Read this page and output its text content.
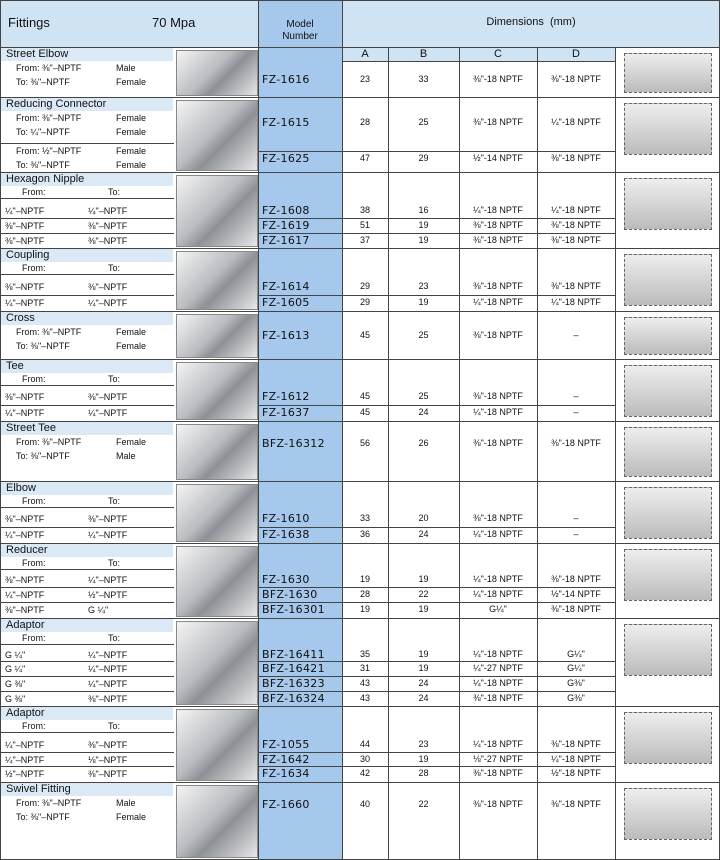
Fittings	70 Mpa	Model
Number
Dimensions (mm)
A	B	C	D
Street Elbow
From: ⅜"–NPTF	Male
To: ⅜"–NPTF	Female	FZ-1616	23	33	⅜"-18 NPTF	⅜"-18 NPTF
Reducing Connector
From: ⅜"–NPTF	Female
To: ¼"–NPTF	Female
FZ-1615	28	25	⅜"-18 NPTF	¼"-18 NPTF
From: ½"–NPTF	Female
To: ⅜"–NPTF	Female	FZ-1625	47	29	½"-14 NPTF	⅜"-18 NPTF
Hexagon Nipple
From:	To:
¼"–NPTF	¼"–NPTF	FZ-1608	38	16	¼"-18 NPTF	¼"-18 NPTF
⅜"–NPTF	⅜"–NPTF	FZ-1619	51	19	⅜"-18 NPTF	⅜"-18 NPTF
⅜"–NPTF	⅜"–NPTF	FZ-1617	37	19	⅜"-18 NPTF	⅜"-18 NPTF
Coupling
From:	To:
⅜"–NPTF	⅜"–NPTF	FZ-1614	29	23	⅜"-18 NPTF	⅜"-18 NPTF
¼"–NPTF	¼"–NPTF	FZ-1605	29	19	¼"-18 NPTF	¼"-18 NPTF
Cross
From: ⅜"–NPTF	Female
To: ⅜"–NPTF	Female
FZ-1613	45	25	⅜"-18 NPTF	–
Tee
From:	To:
⅜"–NPTF	⅜"–NPTF	FZ-1612	45	25	⅜"-18 NPTF	–
¼"–NPTF	¼"–NPTF	FZ-1637	45	24	¼"-18 NPTF	–
Street Tee
From: ⅜"–NPTF	Female
To: ⅜"–NPTF	Male
BFZ-16312	56	26	⅜"-18 NPTF	⅜"-18 NPTF
Elbow
From:	To:
⅜"–NPTF	⅜"–NPTF	FZ-1610	33	20	⅜"-18 NPTF	–
¼"–NPTF	¼"–NPTF	FZ-1638	36	24	¼"-18 NPTF	–
Reducer
From:	To:
⅜"–NPTF	¼"–NPTF	FZ-1630	19	19	¼"-18 NPTF	⅜"-18 NPTF
¼"–NPTF	½"–NPTF	BFZ-1630	28	22	¼"-18 NPTF	½"-14 NPTF
⅜"–NPTF	G ¼"	BFZ-16301	19	19	G¼"	⅜"-18 NPTF
Adaptor
From:	To:
G ¼"	¼"–NPTF	BFZ-16411	35	19	¼"-18 NPTF	G¼"
G ¼"	¼"–NPTF	BFZ-16421	31	19	¼"-27 NPTF	G¼"
G ⅜"	¼"–NPTF	BFZ-16323	43	24	¼"-18 NPTF	G⅜"
G ⅜"	⅜"–NPTF	BFZ-16324	43	24	⅜"-18 NPTF	G⅜"
Adaptor
From:	To:
¼"–NPTF	⅜"–NPTF	FZ-1055	44	23	¼"-18 NPTF	⅜"-18 NPTF
¼"–NPTF	⅛"–NPTF	FZ-1642	30	19	⅛"-27 NPTF	¼"-18 NPTF
½"–NPTF	⅜"–NPTF	FZ-1634	42	28	⅜"-18 NPTF	½"-18 NPTF
Swivel Fitting
From: ⅜"–NPTF	Male
To: ⅜"–NPTF	Female
FZ-1660	40	22	⅜"-18 NPTF	⅜"-18 NPTF
